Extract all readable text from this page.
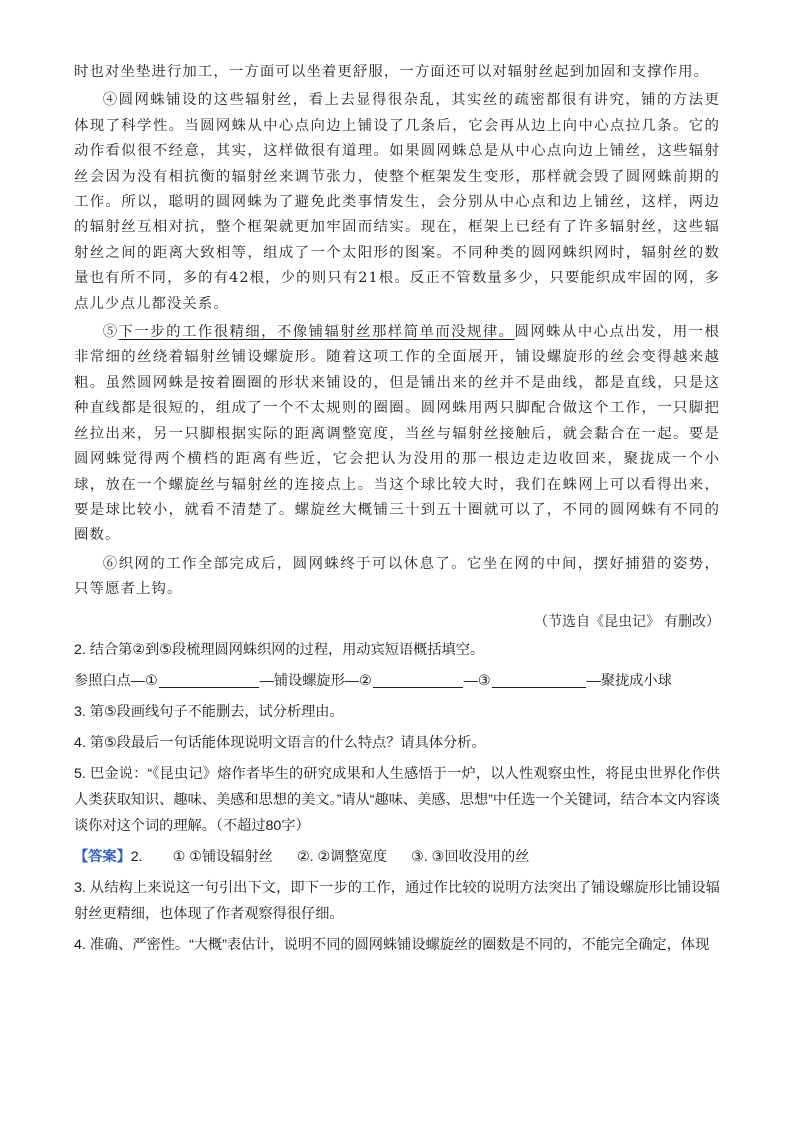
时也对坐垫进行加工，一方面可以坐着更舒服，一方面还可以对辐射丝起到加固和支撑作用。

④圆网蛛铺设的这些辐射丝，看上去显得很杂乱，其实丝的疏密都很有讲究，铺的方法更体现了科学性。当圆网蛛从中心点向边上铺设了几条后，它会再从边上向中心点拉几条。它的动作看似很不经意，其实，这样做很有道理。如果圆网蛛总是从中心点向边上铺丝，这些辐射丝会因为没有相抗衡的辐射丝来调节张力，使整个框架发生变形，那样就会毁了圆网蛛前期的工作。所以，聪明的圆网蛛为了避免此类事情发生，会分别从中心点和边上铺丝，这样，两边的辐射丝互相对抗，整个框架就更加牢固而结实。现在，框架上已经有了许多辐射丝，这些辐射丝之间的距离大致相等，组成了一个太阳形的图案。不同种类的圆网蛛织网时，辐射丝的数量也有所不同，多的有42根，少的则只有21根。反正不管数量多少，只要能织成牢固的网，多点儿少点儿都没关系。

⑤下一步的工作很精细，不像铺辐射丝那样简单而没规律。圆网蛛从中心点出发，用一根非常细的丝绕着辐射丝铺设螺旋形。随着这项工作的全面展开，铺设螺旋形的丝会变得越来越粗。虽然圆网蛛是按着圈圈的形状来铺设的，但是铺出来的丝并不是曲线，都是直线，只是这种直线都是很短的，组成了一个不太规则的圈圈。圆网蛛用两只脚配合做这个工作，一只脚把丝拉出来，另一只脚根据实际的距离调整宽度，当丝与辐射丝接触后，就会黏合在一起。要是圆网蛛觉得两个横档的距离有些近，它会把认为没用的那一根边走边收回来，聚拢成一个小球，放在一个螺旋丝与辐射丝的连接点上。当这个球比较大时，我们在蛛网上可以看得出来，要是球比较小，就看不清楚了。螺旋丝大概铺三十到五十圈就可以了，不同的圆网蛛有不同的圈数。

⑥织网的工作全部完成后，圆网蛛终于可以休息了。它坐在网的中间，摆好捕猎的姿势，只等愿者上钩。

（节选自《昆虫记》 有删改）
2. 结合第②到⑤段梳理圆网蛛织网的过程，用动宾短语概括填空。
参照白点—①	—铺设螺旋形—②	—③	—聚拢成小球
3. 第⑤段画线句子不能删去，试分析理由。
4. 第⑤段最后一句话能体现说明文语言的什么特点？请具体分析。
5. 巴金说：“《昆虫记》熔作者毕生的研究成果和人生感悟于一炉，以人性观察虫性，将昆虫世界化作供人类获取知识、趣味、美感和思想的美文。”请从“趣味、美感、思想”中任选一个关键词，结合本文内容谈谈你对这个词的理解。（不超过80字）
【答案】2. ① ①铺设辐射丝 ②. ②调整宽度 ③. ③回收没用的丝
3. 从结构上来说这一句引出下文，即下一步的工作，通过作比较的说明方法突出了铺设螺旋形比铺设辐射丝更精细，也体现了作者观察得很仔细。
4. 准确、严密性。“大概”表估计，说明不同的圆网蛛铺设螺旋丝的圈数是不同的，不能完全确定，体现
